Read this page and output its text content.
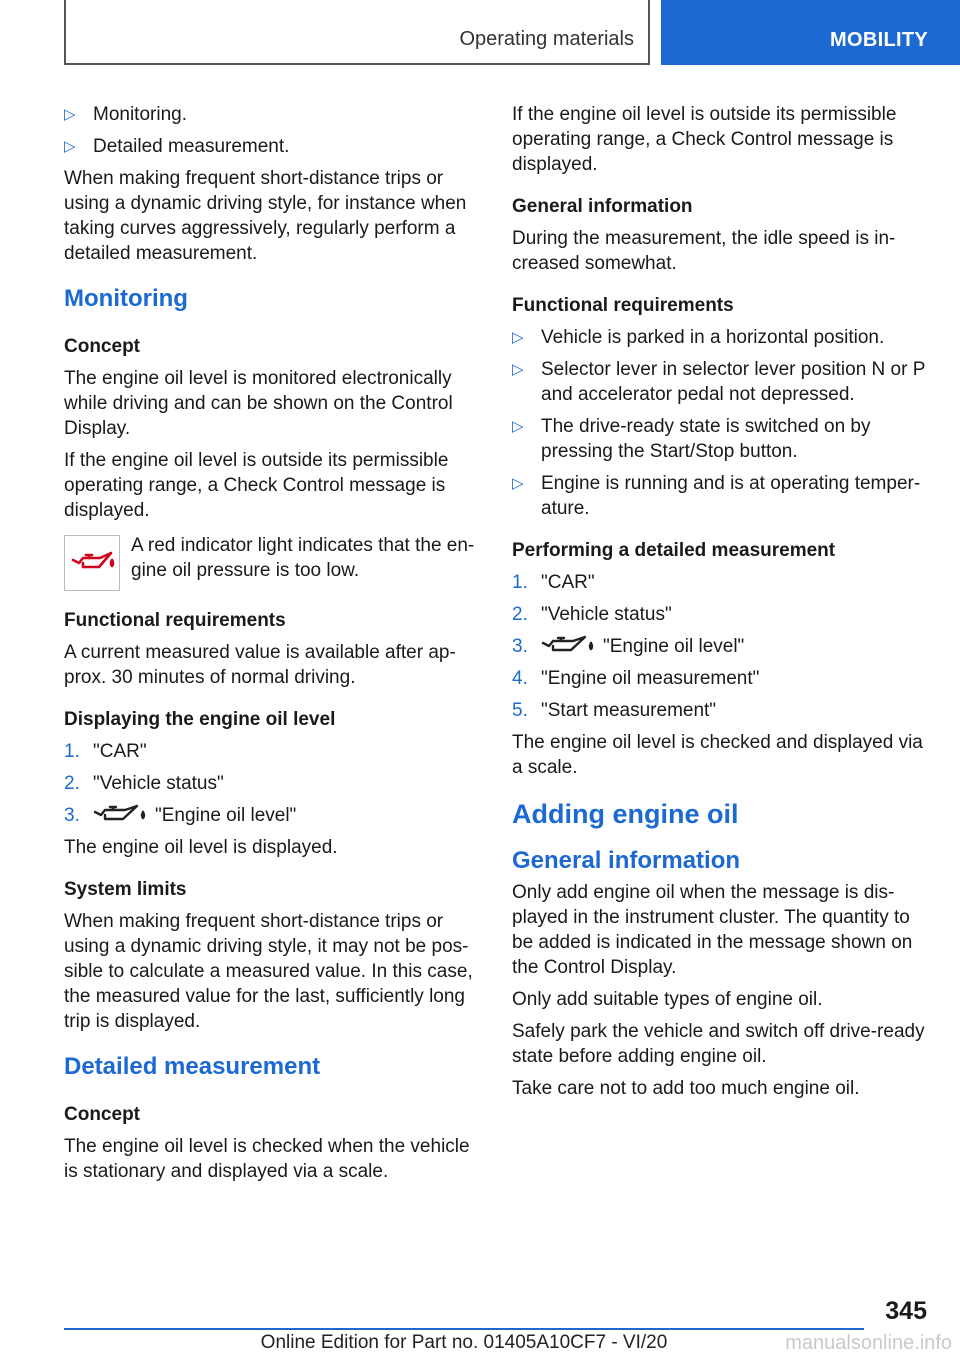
Operating materials	MOBILITY
▷ Monitoring.
▷ Detailed measurement.
When making frequent short-distance trips or using a dynamic driving style, for instance when taking curves aggressively, regularly perform a detailed measurement.
Monitoring
Concept
The engine oil level is monitored electronically while driving and can be shown on the Control Display.
If the engine oil level is outside its permissible operating range, a Check Control message is displayed.
A red indicator light indicates that the en‐gine oil pressure is too low.
Functional requirements
A current measured value is available after ap‐prox. 30 minutes of normal driving.
Displaying the engine oil level
1. "CAR"
2. "Vehicle status"
3.	"Engine oil level"
The engine oil level is displayed.
System limits
When making frequent short-distance trips or using a dynamic driving style, it may not be pos‐sible to calculate a measured value. In this case, the measured value for the last, sufficiently long trip is displayed.
Detailed measurement
Concept
The engine oil level is checked when the vehicle is stationary and displayed via a scale.
If the engine oil level is outside its permissible operating range, a Check Control message is displayed.
General information
During the measurement, the idle speed is in‐creased somewhat.
Functional requirements
▷ Vehicle is parked in a horizontal position.
▷ Selector lever in selector lever position N or P and accelerator pedal not depressed.
▷ The drive-ready state is switched on by pressing the Start/Stop button.
▷ Engine is running and is at operating temper‐ature.
Performing a detailed measurement
1. "CAR"
2. "Vehicle status"
3.	"Engine oil level"
4. "Engine oil measurement"
5. "Start measurement"
The engine oil level is checked and displayed via a scale.
Adding engine oil
General information
Only add engine oil when the message is dis‐played in the instrument cluster. The quantity to be added is indicated in the message shown on the Control Display.
Only add suitable types of engine oil.
Safely park the vehicle and switch off drive-ready state before adding engine oil.
Take care not to add too much engine oil.
345
Online Edition for Part no. 01405A10CF7 - VI/20	manualsonline.info
